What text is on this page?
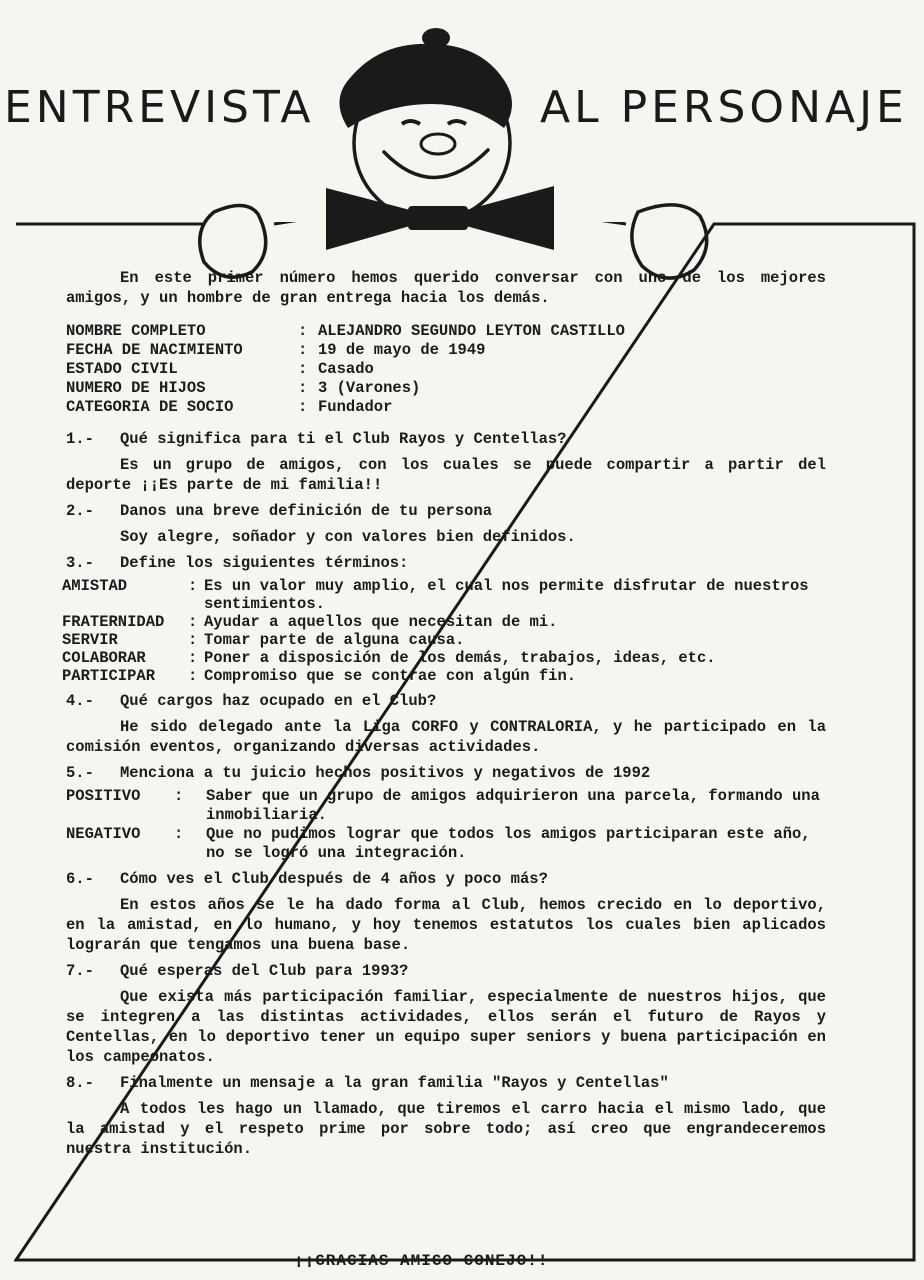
ENTREVISTA	AL PERSONAJE
En este primer número hemos querido conversar con uno de los mejores amigos, y un hombre de gran entrega hacia los demás.
NOMBRE COMPLETO	: ALEJANDRO SEGUNDO LEYTON CASTILLO
FECHA DE NACIMIENTO	: 19 de mayo de 1949
ESTADO CIVIL	: Casado
NUMERO DE HIJOS	: 3 (Varones)
CATEGORIA DE SOCIO	: Fundador
1.-	Qué significa para ti el Club Rayos y Centellas?
Es un grupo de amigos, con los cuales se puede compartir a partir del deporte ¡¡Es parte de mi familia!!
2.-	Danos una breve definición de tu persona
Soy alegre, soñador y con valores bien definidos.
3.-	Define los siguientes términos:
AMISTAD	: Es un valor muy amplio, el cual nos permite disfrutar de nuestros sentimientos.
FRATERNIDAD	: Ayudar a aquellos que necesitan de mi.
SERVIR	: Tomar parte de alguna causa.
COLABORAR	: Poner a disposición de los demás, trabajos, ideas, etc.
PARTICIPAR	: Compromiso que se contrae con algún fin.
4.-	Qué cargos haz ocupado en el Club?
He sido delegado ante la Liga CORFO y CONTRALORIA, y he participado en la comisión eventos, organizando diversas actividades.
5.-	Menciona a tu juicio hechos positivos y negativos de 1992
POSITIVO	:	Saber que un grupo de amigos adquirieron una parcela, formando una inmobiliaria.
NEGATIVO	:	Que no pudimos lograr que todos los amigos participaran este año, no se logró una integración.
6.-	Cómo ves el Club después de 4 años y poco más?
En estos años se le ha dado forma al Club, hemos crecido en lo deportivo, en la amistad, en lo humano, y hoy tenemos estatutos los cuales bien aplicados lograrán que tengamos una buena base.
7.-	Qué esperas del Club para 1993?
Que exista más participación familiar, especialmente de nuestros hijos, que se integren a las distintas actividades, ellos serán el futuro de Rayos y Centellas, en lo deportivo tener un equipo super seniors y buena participación en los campeonatos.
8.-	Finalmente un mensaje a la gran familia "Rayos y Centellas"
A todos les hago un llamado, que tiremos el carro hacia el mismo lado, que la amistad y el respeto prime por sobre todo; así creo que engrandeceremos nuestra institución.
¡¡GRACIAS AMIGO CONEJO!!
